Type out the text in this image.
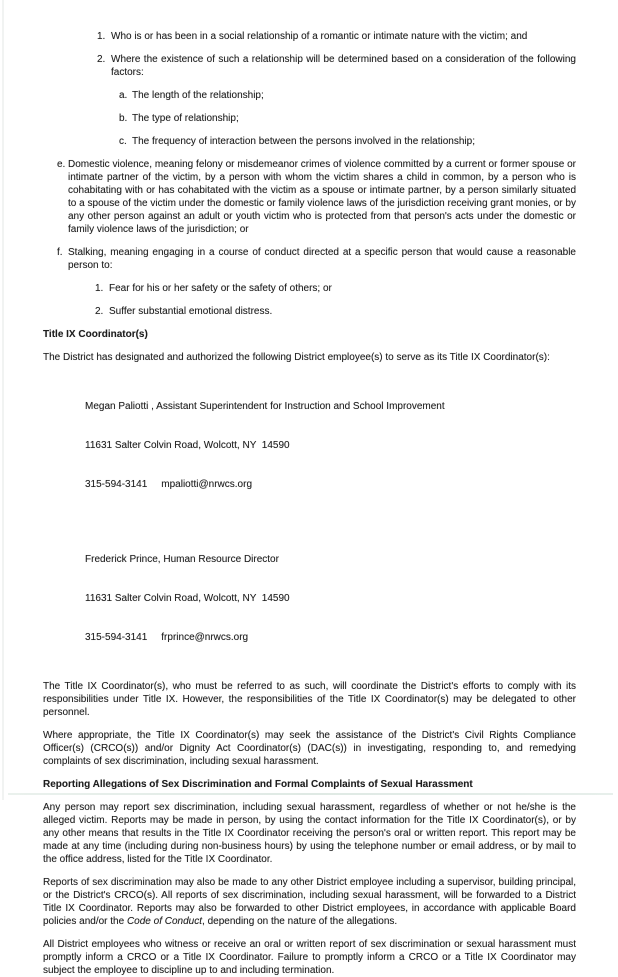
1. Who is or has been in a social relationship of a romantic or intimate nature with the victim; and
2. Where the existence of such a relationship will be determined based on a consideration of the following factors:
a. The length of the relationship;
b. The type of relationship;
c. The frequency of interaction between the persons involved in the relationship;
e. Domestic violence, meaning felony or misdemeanor crimes of violence committed by a current or former spouse or intimate partner of the victim, by a person with whom the victim shares a child in common, by a person who is cohabitating with or has cohabitated with the victim as a spouse or intimate partner, by a person similarly situated to a spouse of the victim under the domestic or family violence laws of the jurisdiction receiving grant monies, or by any other person against an adult or youth victim who is protected from that person's acts under the domestic or family violence laws of the jurisdiction; or
f. Stalking, meaning engaging in a course of conduct directed at a specific person that would cause a reasonable person to:
1. Fear for his or her safety or the safety of others; or
2. Suffer substantial emotional distress.
Title IX Coordinator(s)
The District has designated and authorized the following District employee(s) to serve as its Title IX Coordinator(s):

Megan Paliotti , Assistant Superintendent for Instruction and School Improvement

11631 Salter Colvin Road, Wolcott, NY  14590

315-594-3141 mpaliotti@nrwcs.org

Frederick Prince, Human Resource Director

11631 Salter Colvin Road, Wolcott, NY  14590

315-594-3141 frprince@nrwcs.org

The Title IX Coordinator(s), who must be referred to as such, will coordinate the District's efforts to comply with its responsibilities under Title IX. However, the responsibilities of the Title IX Coordinator(s) may be delegated to other personnel.
Where appropriate, the Title IX Coordinator(s) may seek the assistance of the District's Civil Rights Compliance Officer(s) (CRCO(s)) and/or Dignity Act Coordinator(s) (DAC(s)) in investigating, responding to, and remedying complaints of sex discrimination, including sexual harassment.
Reporting Allegations of Sex Discrimination and Formal Complaints of Sexual Harassment
Any person may report sex discrimination, including sexual harassment, regardless of whether or not he/she is the alleged victim. Reports may be made in person, by using the contact information for the Title IX Coordinator(s), or by any other means that results in the Title IX Coordinator receiving the person's oral or written report. This report may be made at any time (including during non-business hours) by using the telephone number or email address, or by mail to the office address, listed for the Title IX Coordinator.
Reports of sex discrimination may also be made to any other District employee including a supervisor, building principal, or the District's CRCO(s). All reports of sex discrimination, including sexual harassment, will be forwarded to a District Title IX Coordinator. Reports may also be forwarded to other District employees, in accordance with applicable Board policies and/or the Code of Conduct, depending on the nature of the allegations.
All District employees who witness or receive an oral or written report of sex discrimination or sexual harassment must promptly inform a CRCO or a Title IX Coordinator. Failure to promptly inform a CRCO or a Title IX Coordinator may subject the employee to discipline up to and including termination.
